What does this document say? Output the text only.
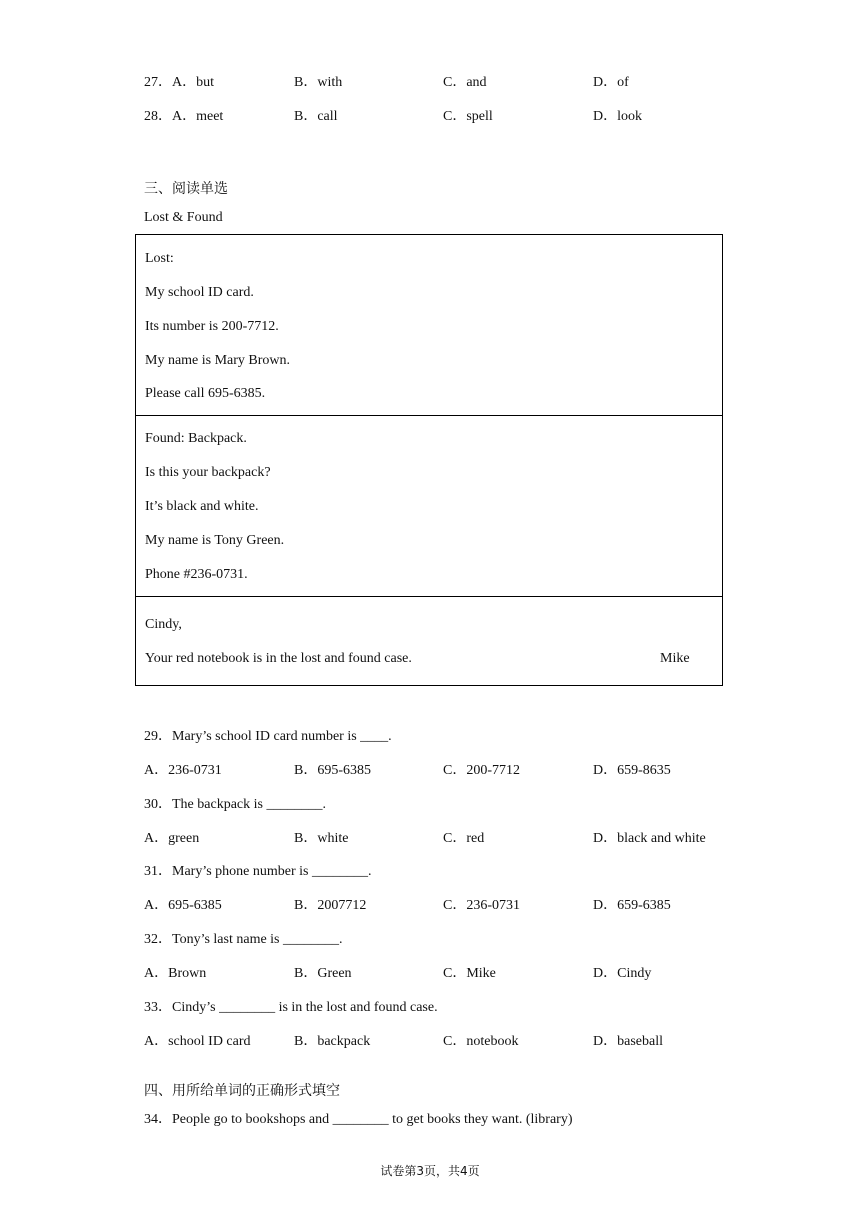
27．A．but	B．with	C．and	D．of
28．A．meet	B．call	C．spell	D．look
三、阅读单选
Lost & Found
Lost:
My school ID card.
Its number is 200-7712.
My name is Mary Brown.
Please call 695-6385.
Found: Backpack.
Is this your backpack?
It’s black and white.
My name is Tony Green.
Phone #236-0731.
Cindy,
Your red notebook is in the lost and found case.	Mike
29．Mary’s school ID card number is ____.
A．236-0731	B．695-6385	C．200-7712	D．659-8635
30．The backpack is ________.
A．green	B．white	C．red	D．black and white
31．Mary’s phone number is ________.
A．695-6385	B．2007712	C．236-0731	D．659-6385
32．Tony’s last name is ________.
A．Brown	B．Green	C．Mike	D．Cindy
33．Cindy’s ________ is in the lost and found case.
A．school ID card	B．backpack	C．notebook	D．baseball
四、用所给单词的正确形式填空
34．People go to bookshops and ________ to get books they want. (library)
试卷第3页，共4页
